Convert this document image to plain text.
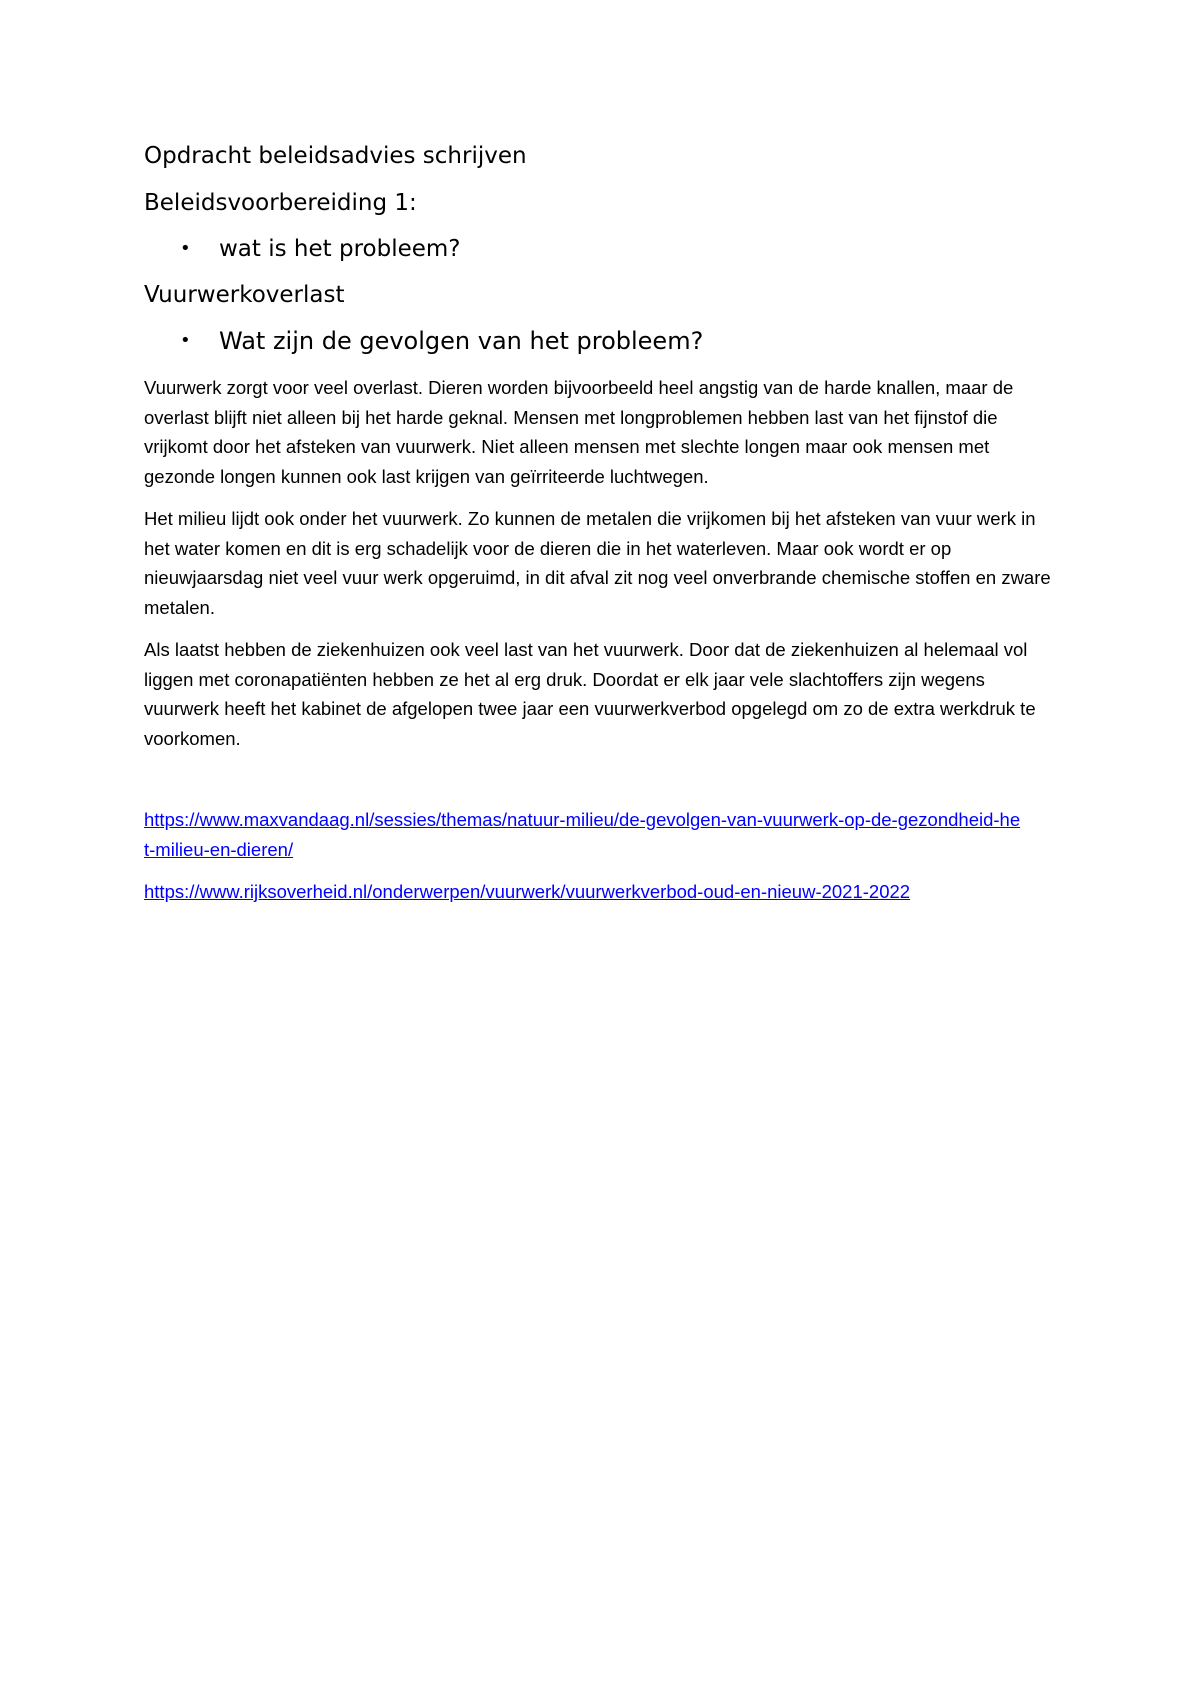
Opdracht beleidsadvies schrijven

Beleidsvoorbereiding 1:

•	wat is het probleem?

Vuurwerkoverlast

•	Wat zijn de gevolgen van het probleem?

Vuurwerk zorgt voor veel overlast. Dieren worden bijvoorbeeld heel angstig van de harde knallen, maar de overlast blijft niet alleen bij het harde geknal. Mensen met longproblemen hebben last van het fijnstof die vrijkomt door het afsteken van vuurwerk. Niet alleen mensen met slechte longen maar ook mensen met gezonde longen kunnen ook last krijgen van geïrriteerde luchtwegen.

Het milieu lijdt ook onder het vuurwerk. Zo kunnen de metalen die vrijkomen bij het afsteken van vuur werk in het water komen en dit is erg schadelijk voor de dieren die in het waterleven. Maar ook wordt er op nieuwjaarsdag niet veel vuur werk opgeruimd, in dit afval zit nog veel onverbrande chemische stoffen en zware metalen.

Als laatst hebben de ziekenhuizen ook veel last van het vuurwerk. Door dat de ziekenhuizen al helemaal vol liggen met coronapatiënten hebben ze het al erg druk. Doordat er elk jaar vele slachtoffers zijn wegens vuurwerk heeft het kabinet de afgelopen twee jaar een vuurwerkverbod opgelegd om zo de extra werkdruk te voorkomen.

https://www.maxvandaag.nl/sessies/themas/natuur-milieu/de-gevolgen-van-vuurwerk-op-de-gezondheid-het-milieu-en-dieren/

https://www.rijksoverheid.nl/onderwerpen/vuurwerk/vuurwerkverbod-oud-en-nieuw-2021-2022
